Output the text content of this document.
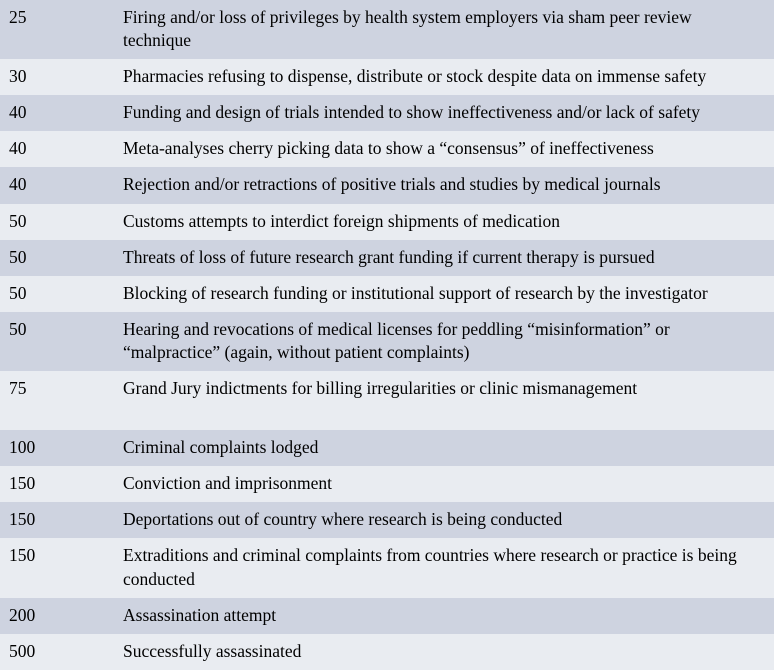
25	Firing and/or loss of privileges by health system employers via sham peer review technique
30	Pharmacies refusing to dispense, distribute or stock despite data on immense safety
40	Funding and design of trials intended to show ineffectiveness and/or lack of safety
40	Meta-analyses cherry picking data to show a “consensus” of ineffectiveness
40	Rejection and/or retractions of positive trials and studies by medical journals
50	Customs attempts to interdict foreign shipments of medication
50	Threats of loss of future research grant funding if current therapy is pursued
50	Blocking of research funding or institutional support of research by the investigator
50	Hearing and revocations of medical licenses for peddling “misinformation” or “malpractice” (again, without patient complaints)
75	Grand Jury indictments for billing irregularities or clinic mismanagement
100	Criminal complaints lodged
150	Conviction and imprisonment
150	Deportations out of country where research is being conducted
150	Extraditions and criminal complaints from countries where research or practice is being conducted
200	Assassination attempt
500	Successfully assassinated
